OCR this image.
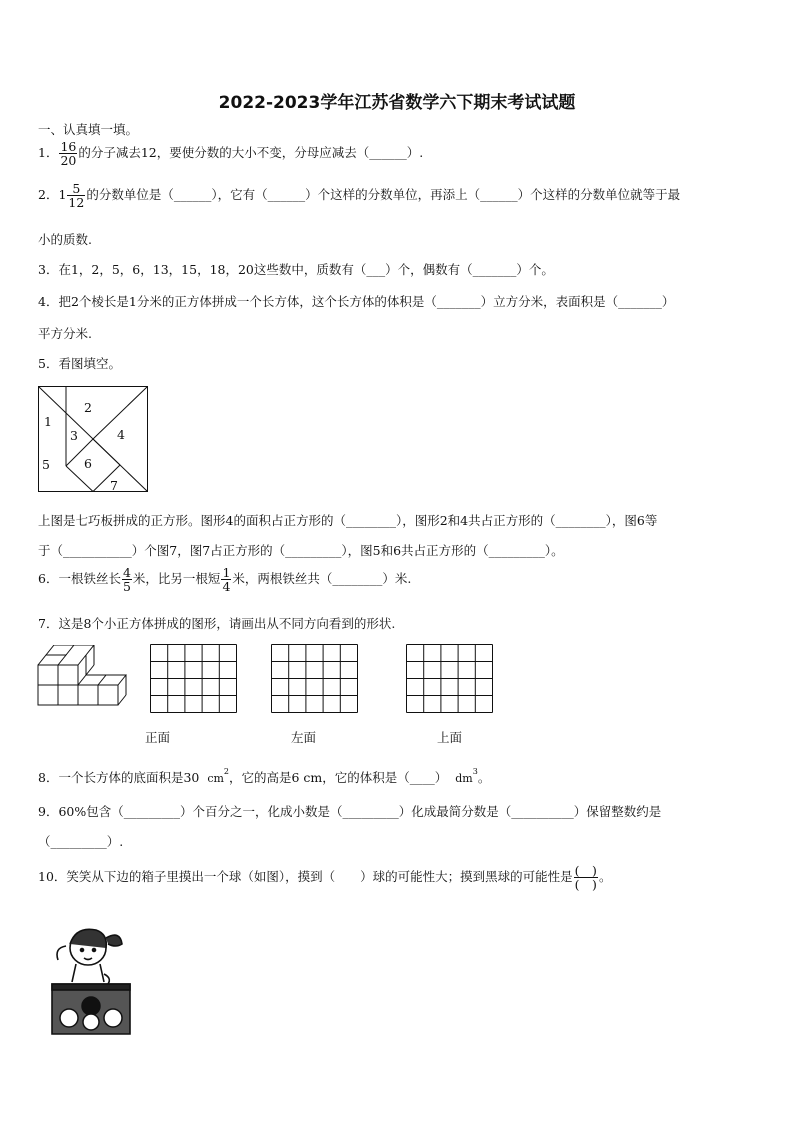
2022-2023学年江苏省数学六下期末考试试题
一、认真填一填。
1． $\frac{16}{20}$ 的分子减去12，要使分数的大小不变，分母应减去（______）.
2．$1 \frac{5}{12}$ 的分数单位是（______），它有（______）个这样的分数单位，再添上（______）个这样的分数单位就等于最
小的质数.
3．在1，2，5，6，13，15，18，20这些数中，质数有（___）个，偶数有（_______）个。
4．把2个棱长是1分米的正方体拼成一个长方体，这个长方体的体积是（_______）立方分米，表面积是（_______）
平方分米.
5．看图填空。
1
2
3	4
5	6
7
上图是七巧板拼成的正方形。图形4的面积占正方形的（________），图形2和4共占正方形的（________），图6等
于（___________）个图7，图7占正方形的（_________），图5和6共占正方形的（_________）。
6．一根铁丝长 $\frac{4}{5}$ 米，比另一根短 $\frac{1}{4}$ 米，两根铁丝共（________）米.
7．这是8个小正方体拼成的图形，请画出从不同方向看到的形状.
正面	左面	上面
8．一个长方体的底面积是30 $cm^2$，它的高是6 cm，它的体积是（____） $dm^3$。
9．60%包含（_________）个百分之一，化成小数是（_________）化成最简分数是（__________）保留整数约是
（_________）.
10．笑笑从下边的箱子里摸出一个球（如图），摸到（　　）球的可能性大；摸到黑球的可能性是 $\frac{( )}{( )}$ 。
